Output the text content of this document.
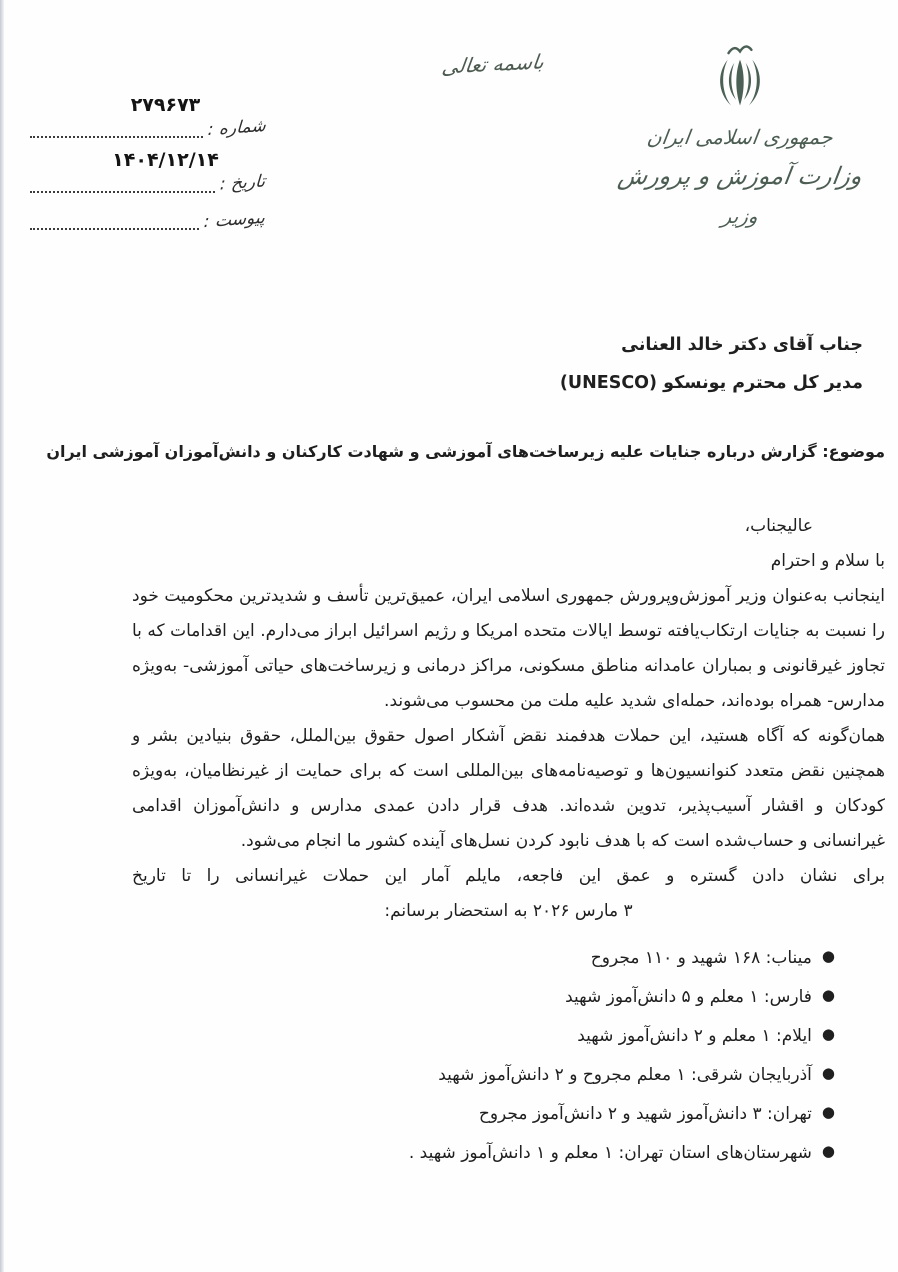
جمهوری اسلامی ایران
وزارت آموزش و پرورش
وزیر
باسمه تعالی
۲۷۹۶۷۳
شماره :
۱۴۰۴/۱۲/۱۴
تاریخ :
پیوست :
جناب آقای دکتر خالد العنانی
مدیر کل محترم یونسکو (UNESCO)
موضوع: گزارش درباره جنایات علیه زیرساخت‌های آموزشی و شهادت کارکنان و دانش‌آموزان آموزشی ایران
عالیجناب،
با سلام و احترام
اینجانب به‌عنوان وزیر آموزش‌وپرورش جمهوری اسلامی ایران، عمیق‌ترین تأسف و شدیدترین محکومیت خود را نسبت به جنایات ارتکاب‌یافته توسط ایالات متحده امریکا و رژیم اسرائیل ابراز می‌دارم. این اقدامات که با تجاوز غیرقانونی و بمباران عامدانه مناطق مسکونی، مراکز درمانی و زیرساخت‌های حیاتی آموزشی- به‌ویژه مدارس- همراه بوده‌اند، حمله‌ای شدید علیه ملت من محسوب می‌شوند.
همان‌گونه که آگاه هستید، این حملات هدفمند نقض آشکار اصول حقوق بین‌الملل، حقوق بنیادین بشر و همچنین نقض متعدد کنوانسیون‌ها و توصیه‌نامه‌های بین‌المللی است که برای حمایت از غیرنظامیان، به‌ویژه کودکان و اقشار آسیب‌پذیر، تدوین شده‌اند. هدف قرار دادن عمدی مدارس و دانش‌آموزان اقدامی غیرانسانی و حساب‌شده است که با هدف نابود کردن نسل‌های آینده کشور ما انجام می‌شود.
برای نشان دادن گستره و عمق این فاجعه، مایلم آمار این حملات غیرانسانی را تا تاریخ
۳ مارس ۲۰۲۶ به استحضار برسانم:
●میناب: ۱۶۸ شهید و ۱۱۰ مجروح
●فارس: ۱ معلم و ۵ دانش‌آموز شهید
●ایلام: ۱ معلم و ۲ دانش‌آموز شهید
●آذربایجان شرقی: ۱ معلم مجروح و ۲ دانش‌آموز شهید
●تهران: ۳ دانش‌آموز شهید و ۲ دانش‌آموز مجروح
●شهرستان‌های استان تهران: ۱ معلم و ۱ دانش‌آموز شهید .
